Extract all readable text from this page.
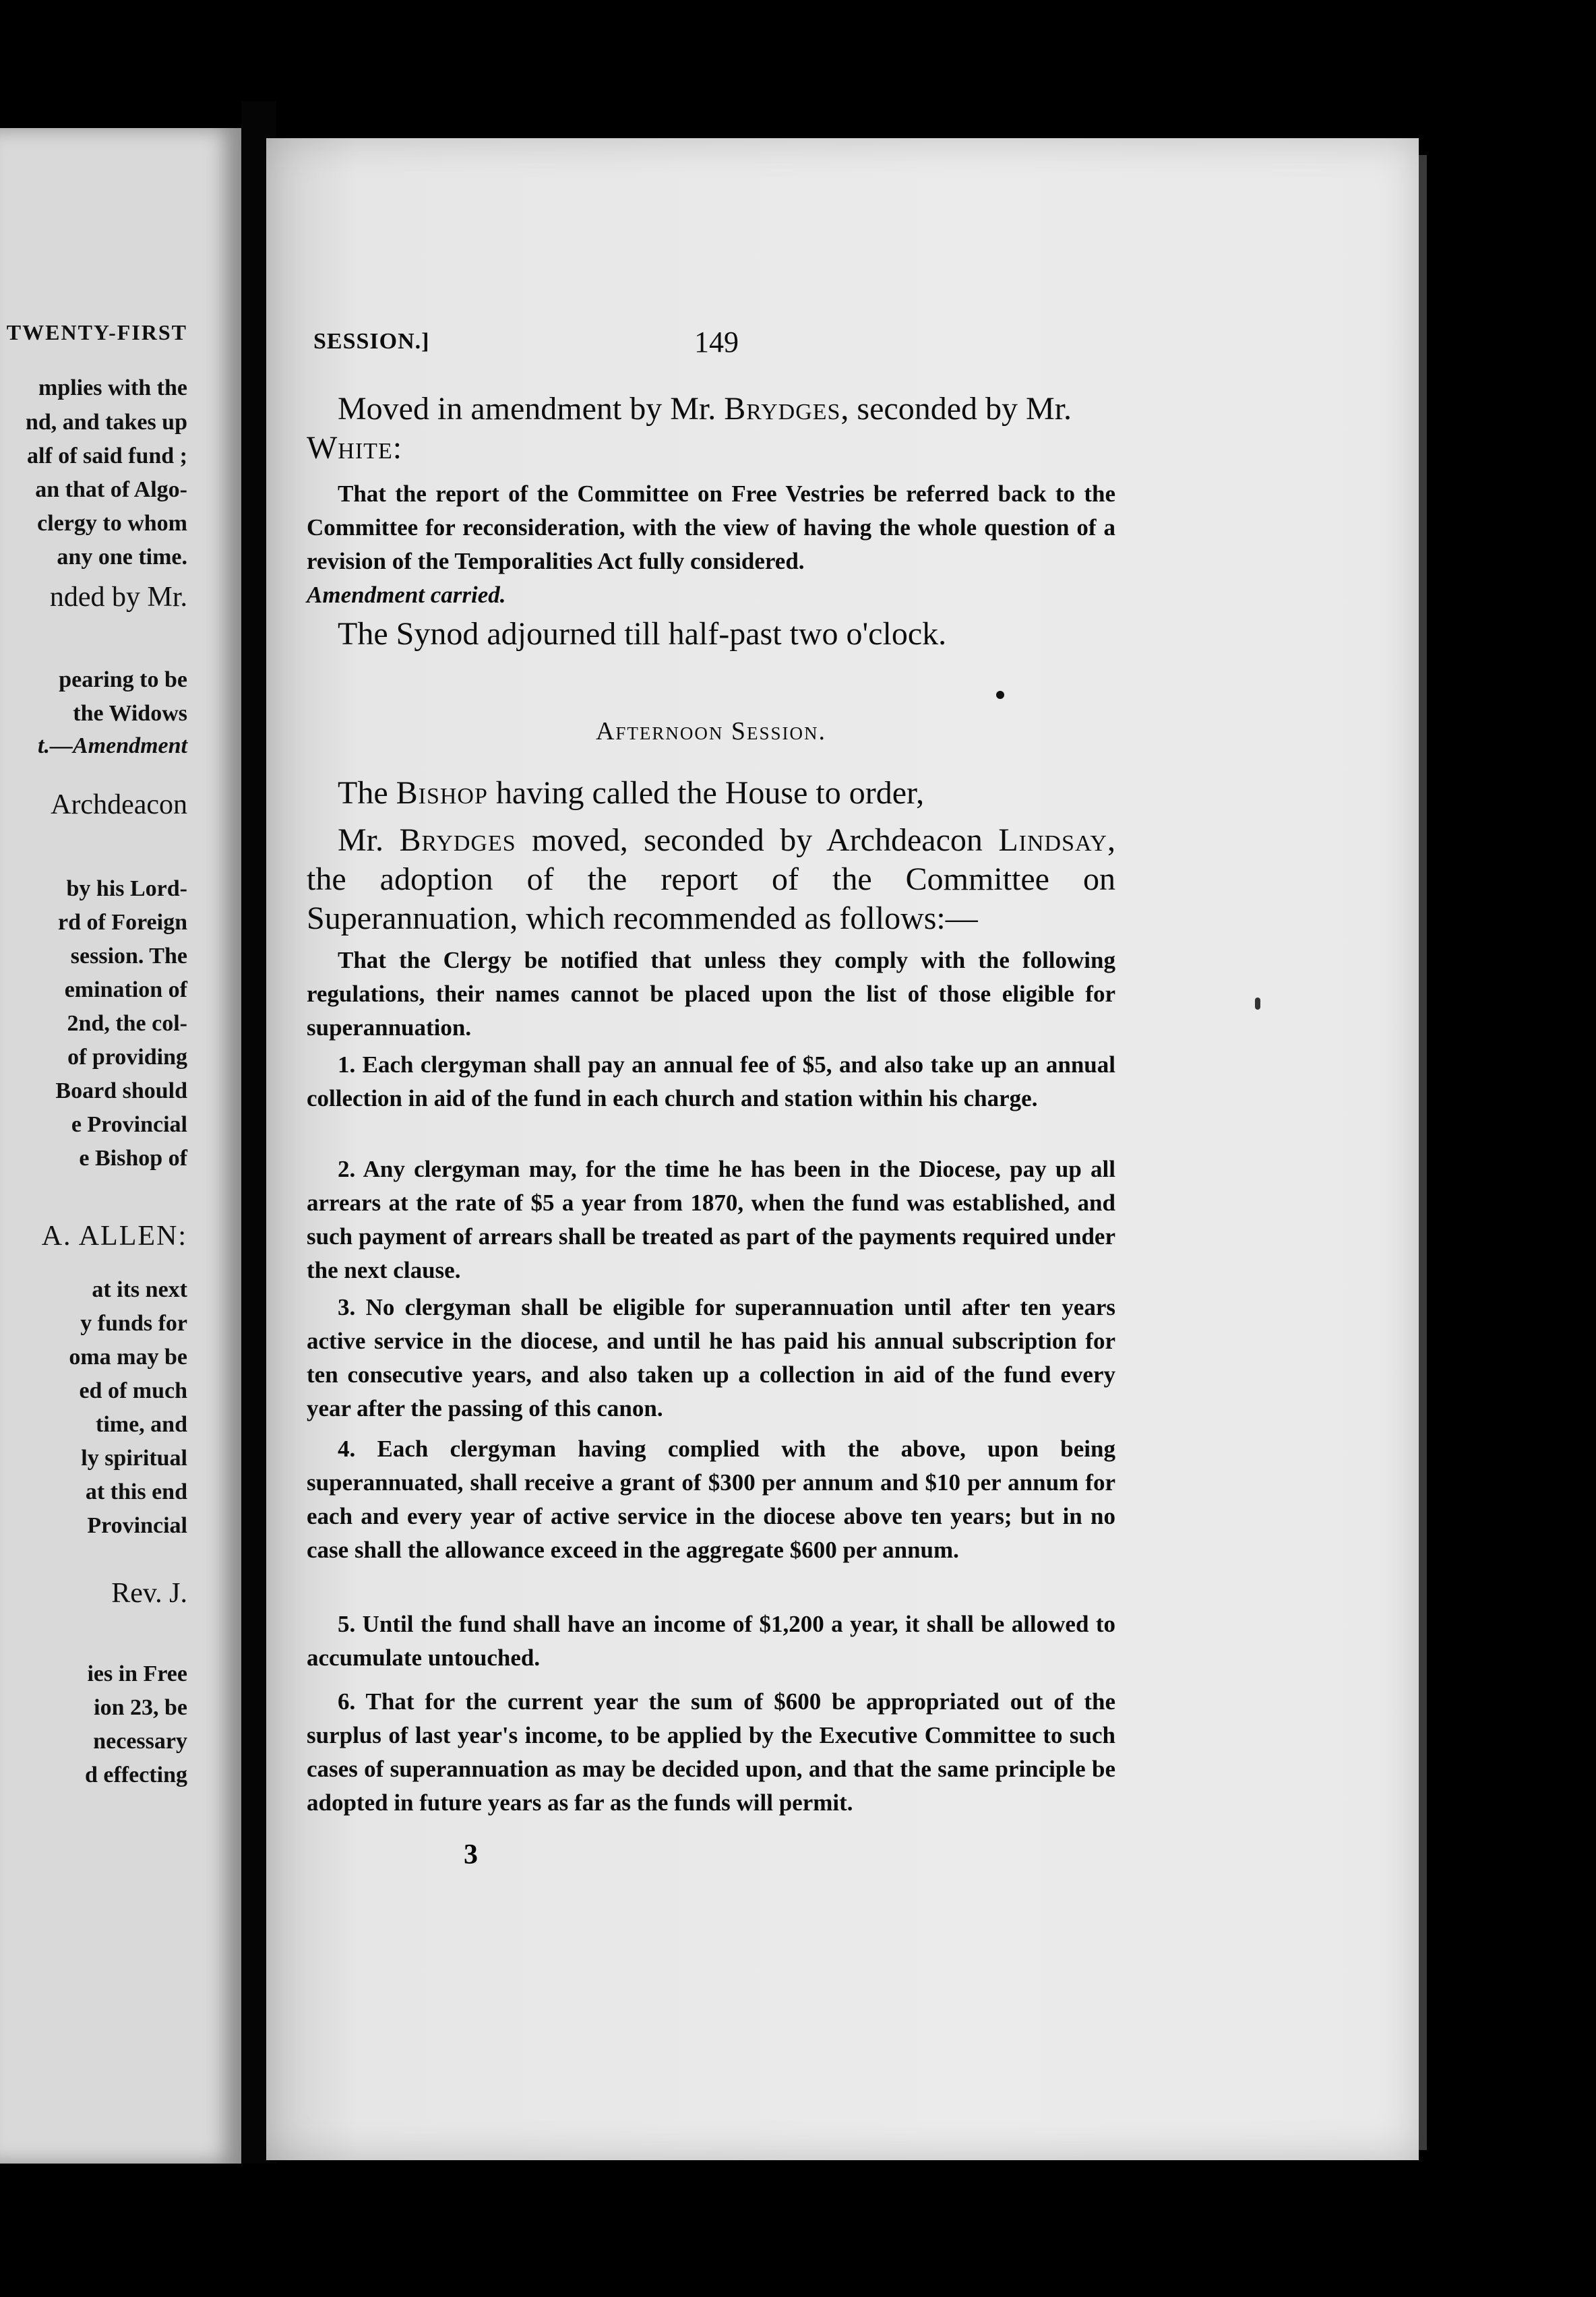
TWENTY-FIRST
mplies with the
nd, and takes up
alf of said fund ;
an that of Algo-
clergy to whom
any one time.
nded by Mr.
pearing to be
the Widows
t.—Amendment
Archdeacon
by his Lord-
rd of Foreign
session. The
emination of
2nd, the col-
of providing
Board should
e Provincial
e Bishop of
A. ALLEN:
at its next
y funds for
oma may be
ed of much
time, and
ly spiritual
at this end
Provincial
Rev. J.
ies in Free
ion 23, be
necessary
d effecting
SESSION.]	149
Moved in amendment by Mr. Brydges, seconded by Mr. White:
That the report of the Committee on Free Vestries be referred back to the Committee for reconsideration, with the view of having the whole question of a revision of the Temporalities Act fully considered.
Amendment carried.
The Synod adjourned till half-past two o'clock.
Afternoon Session.
The Bishop having called the House to order,
Mr. Brydges moved, seconded by Archdeacon Lindsay, the adoption of the report of the Committee on Superannuation, which recommended as follows:—
That the Clergy be notified that unless they comply with the following regulations, their names cannot be placed upon the list of those eligible for superannuation.
1. Each clergyman shall pay an annual fee of $5, and also take up an annual collection in aid of the fund in each church and station within his charge.
2. Any clergyman may, for the time he has been in the Diocese, pay up all arrears at the rate of $5 a year from 1870, when the fund was established, and such payment of arrears shall be treated as part of the payments required under the next clause.
3. No clergyman shall be eligible for superannuation until after ten years active service in the diocese, and until he has paid his annual subscription for ten consecutive years, and also taken up a collection in aid of the fund every year after the passing of this canon.
4. Each clergyman having complied with the above, upon being superannuated, shall receive a grant of $300 per annum and $10 per annum for each and every year of active service in the diocese above ten years; but in no case shall the allowance exceed in the aggregate $600 per annum.
5. Until the fund shall have an income of $1,200 a year, it shall be allowed to accumulate untouched.
6. That for the current year the sum of $600 be appropriated out of the surplus of last year's income, to be applied by the Executive Committee to such cases of superannuation as may be decided upon, and that the same principle be adopted in future years as far as the funds will permit.
3
